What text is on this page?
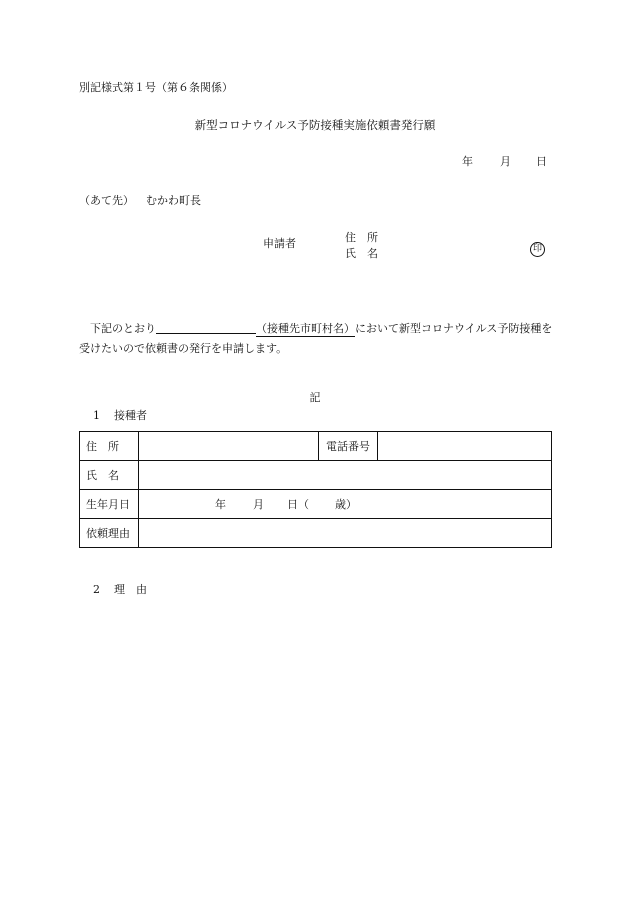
別記様式第１号（第６条関係）
新型コロナウイルス予防接種実施依頼書発行願
年 月 日
（あて先） むかわ町長
申請者	住　所
氏　名	印
下記のとおり	（接種先市町村名）において新型コロナウイルス予防接種を受けたいので依頼書の発行を申請します。
記
1 接種者
住　所		電話番号	
氏　名			
生年月日	年 月 日（ 歳）		

依頼理由			
2 理　由
